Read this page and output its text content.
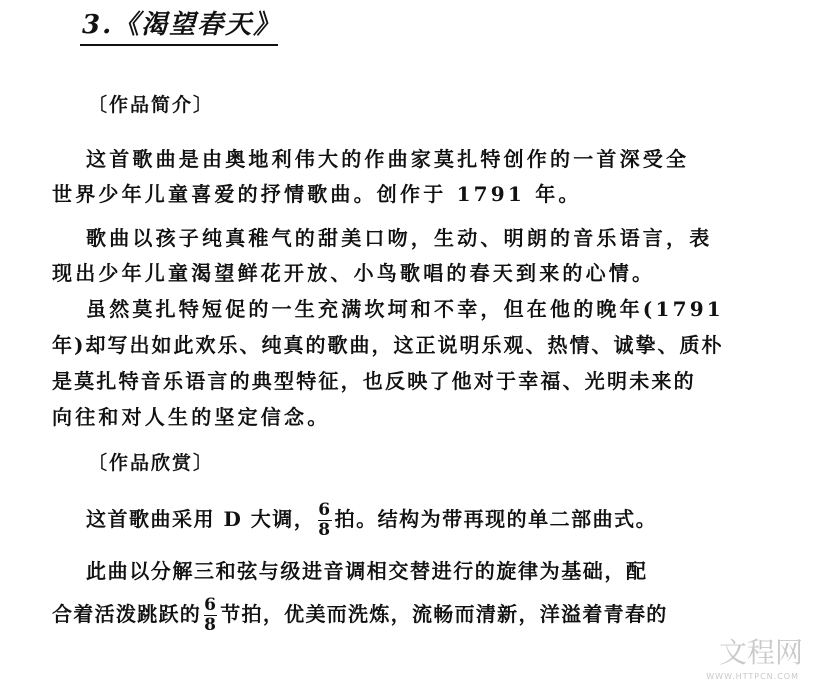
3.《渴望春天》
〔作品简介〕
这首歌曲是由奥地利伟大的作曲家莫扎特创作的一首深受全
世界少年儿童喜爱的抒情歌曲。创作于 1791 年。
歌曲以孩子纯真稚气的甜美口吻，生动、明朗的音乐语言，表
现出少年儿童渴望鲜花开放、小鸟歌唱的春天到来的心情。
虽然莫扎特短促的一生充满坎坷和不幸，但在他的晚年(1791
年)却写出如此欢乐、纯真的歌曲，这正说明乐观、热情、诚挚、质朴
是莫扎特音乐语言的典型特征，也反映了他对于幸福、光明未来的
向往和对人生的坚定信念。
〔作品欣赏〕
这首歌曲采用 D 大调， $\frac{6}{8}$ 拍。结构为带再现的单二部曲式。
此曲以分解三和弦与级进音调相交替进行的旋律为基础，配
合着活泼跳跃的 $\frac{6}{8}$ 节拍，优美而洗炼，流畅而清新，洋溢着青春的
文程网
WWW.HTTPCN.COM
